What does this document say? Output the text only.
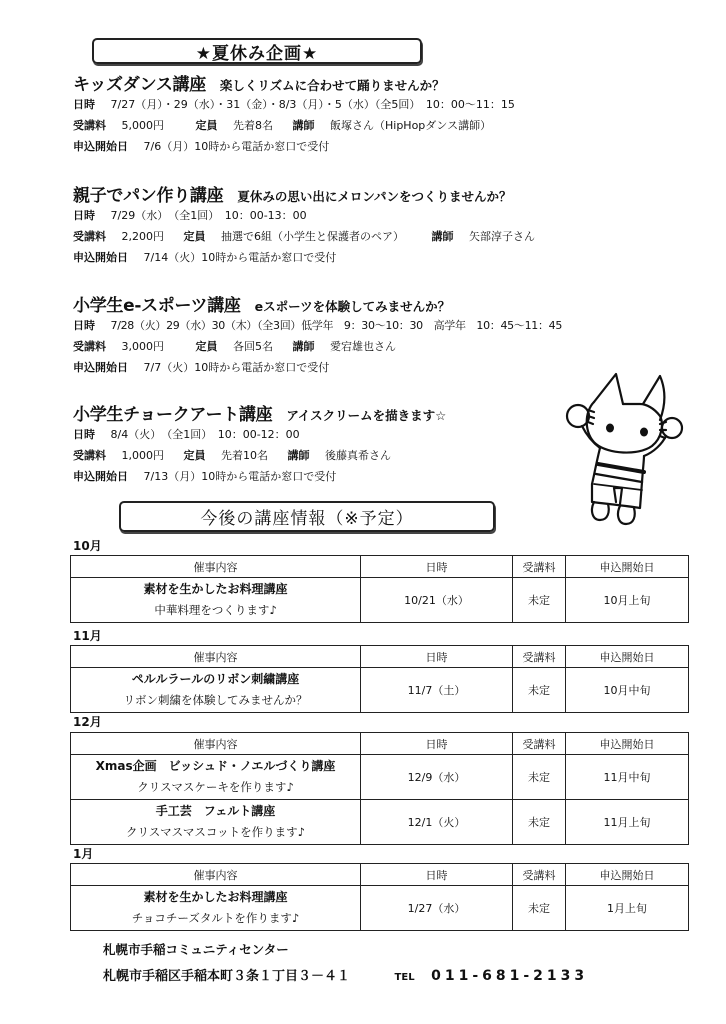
★夏休み企画★
キッズダンス講座 楽しくリズムに合わせて踊りませんか？
日時 7/27（月）・29（水）・31（金）・8/3（月）・5（水）（全5回）　10：00～11：15
受講料 5,000円	定員 先着8名 講師 飯塚さん（HipHopダンス講師）
申込開始日 7/6（月）10時から電話か窓口で受付
親子でパン作り講座 夏休みの思い出にメロンパンをつくりませんか？
日時 7/29（水）　（全1回）　10：00-13：00
受講料 2,200円 定員 抽選で6組（小学生と保護者のペア）	講師 矢部淳子さん
申込開始日 7/14（火）10時から電話か窓口で受付
小学生e-スポーツ講座 eスポーツを体験してみませんか？
日時 7/28（火）29（水）30（木）（全3回）低学年　9：30～10：30　高学年　10：45～11：45
受講料 3,000円	定員 各回5名 講師 愛宕雄也さん
申込開始日 7/7（火）10時から電話か窓口で受付
小学生チョークアート講座 アイスクリームを描きます☆
日時 8/4（火）　（全1回）　10：00-12：00
受講料 1,000円 定員 先着10名 講師 後藤真希さん
申込開始日 7/13（月）10時から電話か窓口で受付
今後の講座情報（※予定）
10月
催事内容	日時	受講料	申込開始日

素材を生かしたお料理講座
中華料理をつくります♪	10/21（水）	未定	10月上旬
11月
催事内容	日時	受講料	申込開始日

ペルルラールのリボン刺繍講座
リボン刺繍を体験してみませんか？	11/7（土）	未定	10月中旬
12月
催事内容	日時	受講料	申込開始日

Xmas企画　ビッシュド・ノエルづくり講座
クリスマスケーキを作ります♪	12/9（水）	未定	11月中旬

手工芸　フェルト講座
クリスマスマスコットを作ります♪	12/1（火）	未定	11月上旬
1月
催事内容	日時	受講料	申込開始日

素材を生かしたお料理講座
チョコチーズタルトを作ります♪	1/27（水）	未定	1月上旬
札幌市手稲コミュニティセンター
札幌市手稲区手稲本町３条１丁目３－４１	TEL 011-681-2133
